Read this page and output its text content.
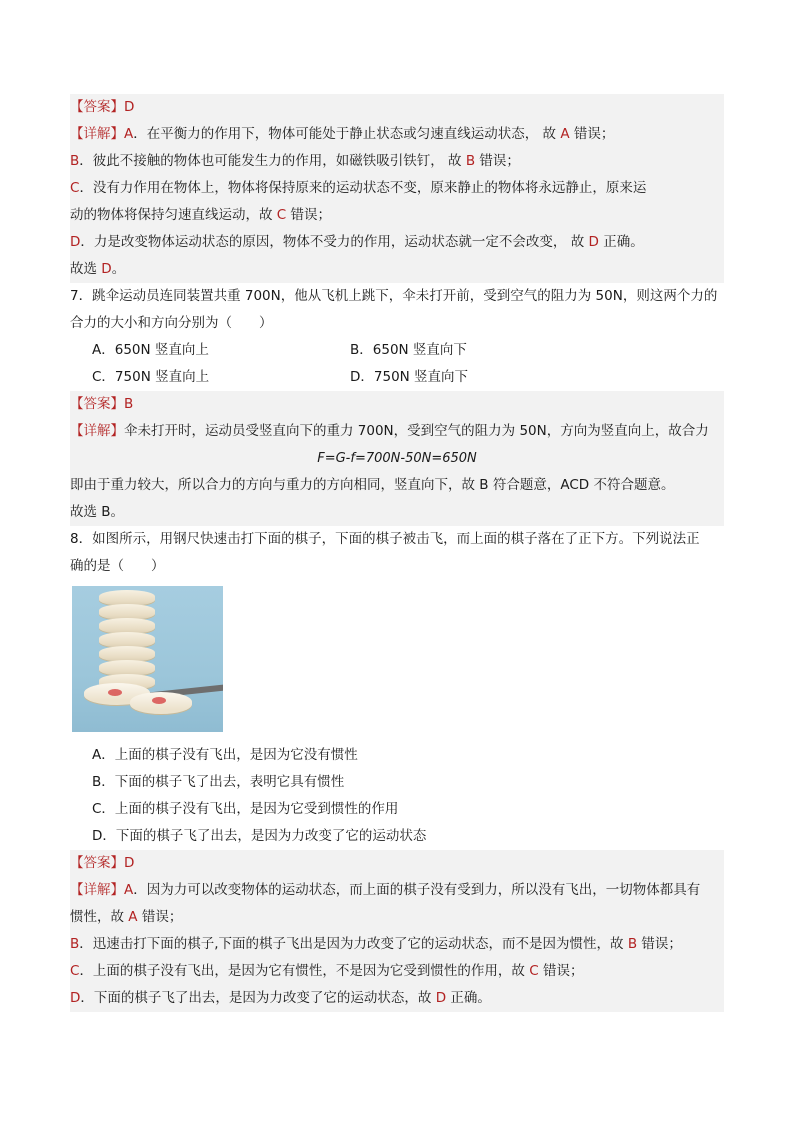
【答案】D
【详解】A．在平衡力的作用下，物体可能处于静止状态或匀速直线运动状态， 故 A 错误；
B．彼此不接触的物体也可能发生力的作用，如磁铁吸引铁钉， 故 B 错误；
C．没有力作用在物体上，物体将保持原来的运动状态不变，原来静止的物体将永远静止，原来运
动的物体将保持匀速直线运动，故 C 错误；
D．力是改变物体运动状态的原因，物体不受力的作用，运动状态就一定不会改变， 故 D 正确。
故选 D。
7．跳伞运动员连同装置共重 700N，他从飞机上跳下，伞未打开前，受到空气的阻力为 50N，则这两个力的
合力的大小和方向分别为（　　）
A．650N 竖直向上	B．650N 竖直向下
C．750N 竖直向上	D．750N 竖直向下
【答案】B
【详解】伞未打开时，运动员受竖直向下的重力 700N，受到空气的阻力为 50N，方向为竖直向上，故合力
F=G-f=700N-50N=650N
即由于重力较大，所以合力的方向与重力的方向相同，竖直向下，故 B 符合题意，ACD 不符合题意。
故选 B。
8．如图所示，用钢尺快速击打下面的棋子，下面的棋子被击飞，而上面的棋子落在了正下方。下列说法正
确的是（　　）
A．上面的棋子没有飞出，是因为它没有惯性
B．下面的棋子飞了出去，表明它具有惯性
C．上面的棋子没有飞出，是因为它受到惯性的作用
D．下面的棋子飞了出去，是因为力改变了它的运动状态
【答案】D
【详解】A．因为力可以改变物体的运动状态，而上面的棋子没有受到力，所以没有飞出，一切物体都具有
惯性，故 A 错误；
B．迅速击打下面的棋子,下面的棋子飞出是因为力改变了它的运动状态，而不是因为惯性，故 B 错误；
C．上面的棋子没有飞出，是因为它有惯性，不是因为它受到惯性的作用，故 C 错误；
D．下面的棋子飞了出去，是因为力改变了它的运动状态，故 D 正确。
